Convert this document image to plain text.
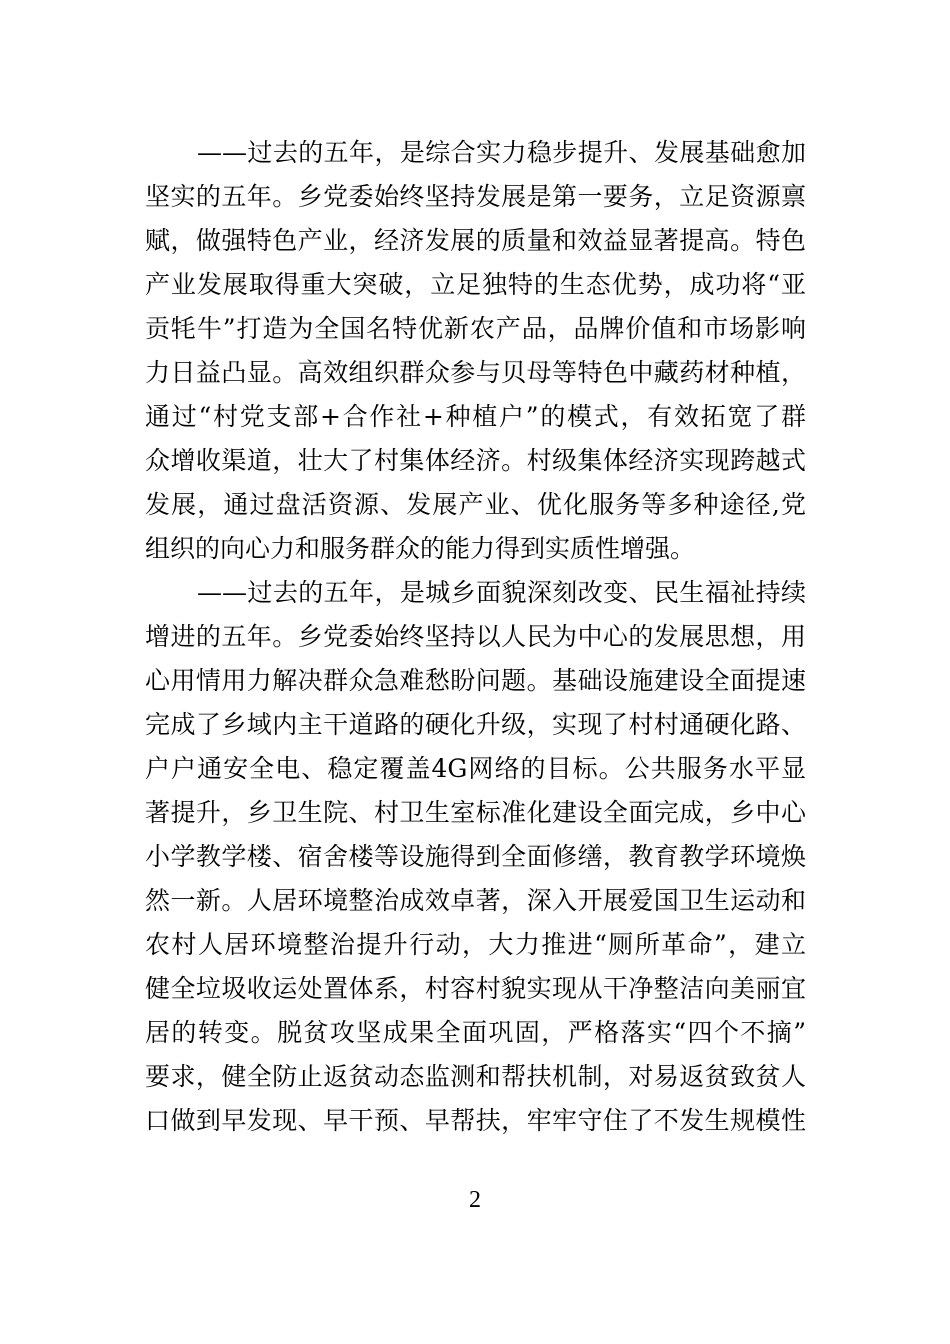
——过去的五年，是综合实力稳步提升、发展基础愈加
坚实的五年。乡党委始终坚持发展是第一要务，立足资源禀
赋，做强特色产业，经济发展的质量和效益显著提高。特色
产业发展取得重大突破，立足独特的生态优势，成功将“亚
贡牦牛”打造为全国名特优新农产品，品牌价值和市场影响
力日益凸显。高效组织群众参与贝母等特色中藏药材种植，
通过“村党支部+合作社+种植户”的模式，有效拓宽了群
众增收渠道，壮大了村集体经济。村级集体经济实现跨越式
发展，通过盘活资源、发展产业、优化服务等多种途径,党
组织的向心力和服务群众的能力得到实质性增强。
——过去的五年，是城乡面貌深刻改变、民生福祉持续
增进的五年。乡党委始终坚持以人民为中心的发展思想，用
心用情用力解决群众急难愁盼问题。基础设施建设全面提速
完成了乡域内主干道路的硬化升级，实现了村村通硬化路、
户户通安全电、稳定覆盖4G网络的目标。公共服务水平显
著提升，乡卫生院、村卫生室标准化建设全面完成，乡中心
小学教学楼、宿舍楼等设施得到全面修缮，教育教学环境焕
然一新。人居环境整治成效卓著，深入开展爱国卫生运动和
农村人居环境整治提升行动，大力推进“厕所革命”，建立
健全垃圾收运处置体系，村容村貌实现从干净整洁向美丽宜
居的转变。脱贫攻坚成果全面巩固，严格落实“四个不摘”
要求，健全防止返贫动态监测和帮扶机制，对易返贫致贫人
口做到早发现、早干预、早帮扶，牢牢守住了不发生规模性
2
